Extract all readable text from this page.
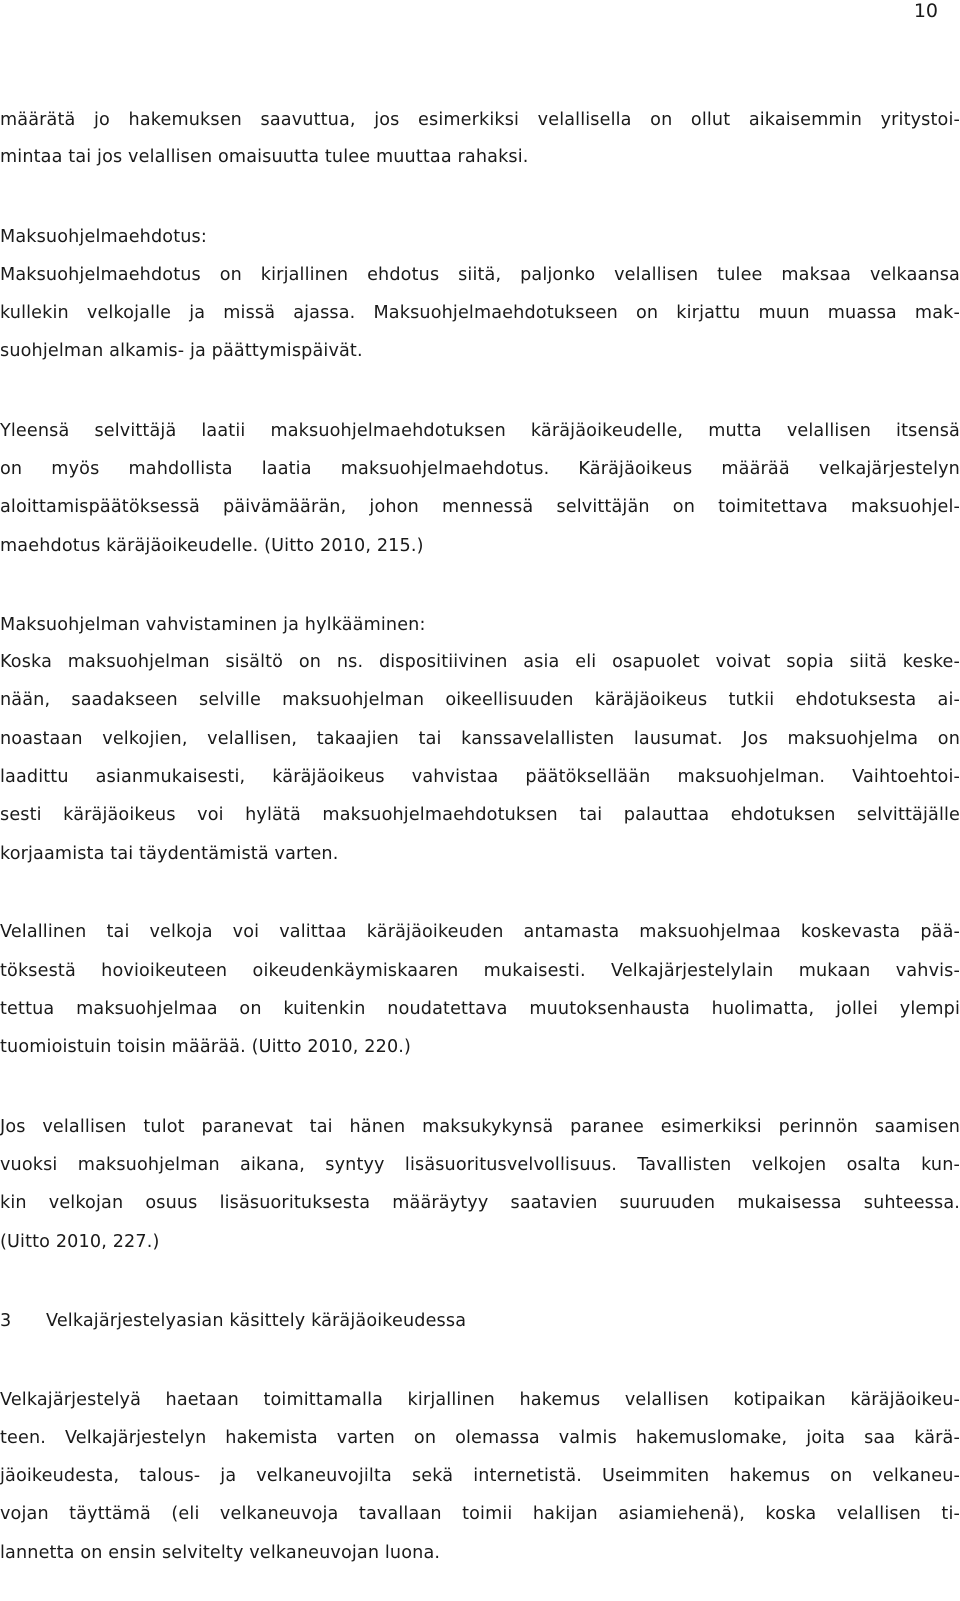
10
määrätä jo hakemuksen saavuttua, jos esimerkiksi velallisella on ollut aikaisemmin yritystoi-
mintaa tai jos velallisen omaisuutta tulee muuttaa rahaksi.
Maksuohjelmaehdotus:
Maksuohjelmaehdotus on kirjallinen ehdotus siitä, paljonko velallisen tulee maksaa velkaansa
kullekin velkojalle ja missä ajassa. Maksuohjelmaehdotukseen on kirjattu muun muassa mak-
suohjelman alkamis- ja päättymispäivät.
Yleensä selvittäjä laatii maksuohjelmaehdotuksen käräjäoikeudelle, mutta velallisen itsensä
on myös mahdollista laatia maksuohjelmaehdotus. Käräjäoikeus määrää velkajärjestelyn
aloittamispäätöksessä päivämäärän, johon mennessä selvittäjän on toimitettava maksuohjel-
maehdotus käräjäoikeudelle. (Uitto 2010, 215.)
Maksuohjelman vahvistaminen ja hylkääminen:
Koska maksuohjelman sisältö on ns. dispositiivinen asia eli osapuolet voivat sopia siitä keske-
nään, saadakseen selville maksuohjelman oikeellisuuden käräjäoikeus tutkii ehdotuksesta ai-
noastaan velkojien, velallisen, takaajien tai kanssavelallisten lausumat. Jos maksuohjelma on
laadittu asianmukaisesti, käräjäoikeus vahvistaa päätöksellään maksuohjelman. Vaihtoehtoi-
sesti käräjäoikeus voi hylätä maksuohjelmaehdotuksen tai palauttaa ehdotuksen selvittäjälle
korjaamista tai täydentämistä varten.
Velallinen tai velkoja voi valittaa käräjäoikeuden antamasta maksuohjelmaa koskevasta pää-
töksestä hovioikeuteen oikeudenkäymiskaaren mukaisesti. Velkajärjestelylain mukaan vahvis-
tettua maksuohjelmaa on kuitenkin noudatettava muutoksenhausta huolimatta, jollei ylempi
tuomioistuin toisin määrää. (Uitto 2010, 220.)
Jos velallisen tulot paranevat tai hänen maksukykynsä paranee esimerkiksi perinnön saamisen
vuoksi maksuohjelman aikana, syntyy lisäsuoritusvelvollisuus. Tavallisten velkojen osalta kun-
kin velkojan osuus lisäsuorituksesta määräytyy saatavien suuruuden mukaisessa suhteessa.
(Uitto 2010, 227.)
3 Velkajärjestelyasian käsittely käräjäoikeudessa
Velkajärjestelyä haetaan toimittamalla kirjallinen hakemus velallisen kotipaikan käräjäoikeu-
teen. Velkajärjestelyn hakemista varten on olemassa valmis hakemuslomake, joita saa kärä-
jäoikeudesta, talous- ja velkaneuvojilta sekä internetistä. Useimmiten hakemus on velkaneu-
vojan täyttämä (eli velkaneuvoja tavallaan toimii hakijan asiamiehenä), koska velallisen ti-
lannetta on ensin selvitelty velkaneuvojan luona.
